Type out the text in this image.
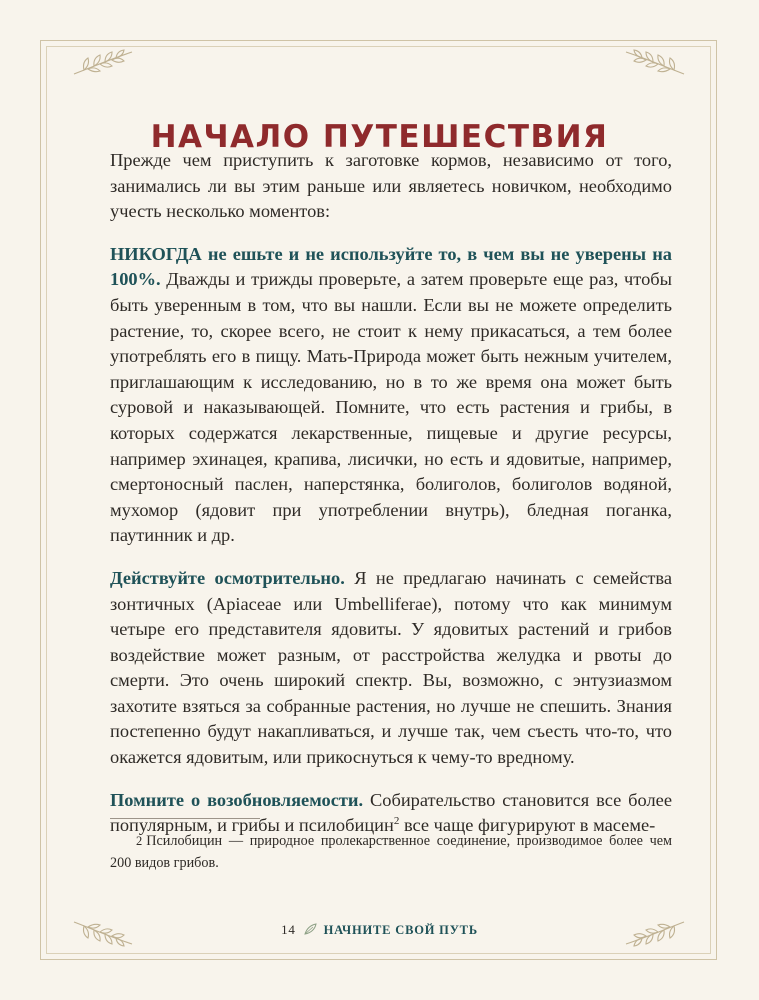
НАЧАЛО ПУТЕШЕСТВИЯ

Прежде чем приступить к заготовке кормов, независимо от того, занимались ли вы этим раньше или являетесь новичком, необходимо учесть несколько моментов:

НИКОГДА не ешьте и не используйте то, в чем вы не уверены на 100%. Дважды и трижды проверьте, а затем проверьте еще раз, чтобы быть уверенным в том, что вы нашли. Если вы не можете определить растение, то, скорее всего, не стоит к нему прикасаться, а тем более употреблять его в пищу. Мать-Природа может быть нежным учителем, приглашающим к исследованию, но в то же время она может быть суровой и наказывающей. Помните, что есть растения и грибы, в которых содержатся лекарственные, пищевые и другие ресурсы, например эхинацея, крапива, лисички, но есть и ядовитые, например, смертоносный паслен, наперстянка, болиголов, болиголов водяной, мухомор (ядовит при употреблении внутрь), бледная поганка, паутинник и др.

Действуйте осмотрительно. Я не предлагаю начинать с семейства зонтичных (Apiaceae или Umbelliferae), потому что как минимум четыре его представителя ядовиты. У ядовитых растений и грибов воздействие может разным, от расстройства желудка и рвоты до смерти. Это очень широкий спектр. Вы, возможно, с энтузиазмом захотите взяться за собранные растения, но лучше не спешить. Знания постепенно будут накапливаться, и лучше так, чем съесть что-то, что окажется ядовитым, или прикоснуться к чему-то вредному.

Помните о возобновляемости. Собирательство становится все более популярным, и грибы и псилобицин$^2$ все чаще фигурируют в масеме-

2 Псилобицин — природное пролекарственное соединение, производимое более чем 200 видов грибов.
14 НАЧНИТЕ СВОЙ ПУТЬ
